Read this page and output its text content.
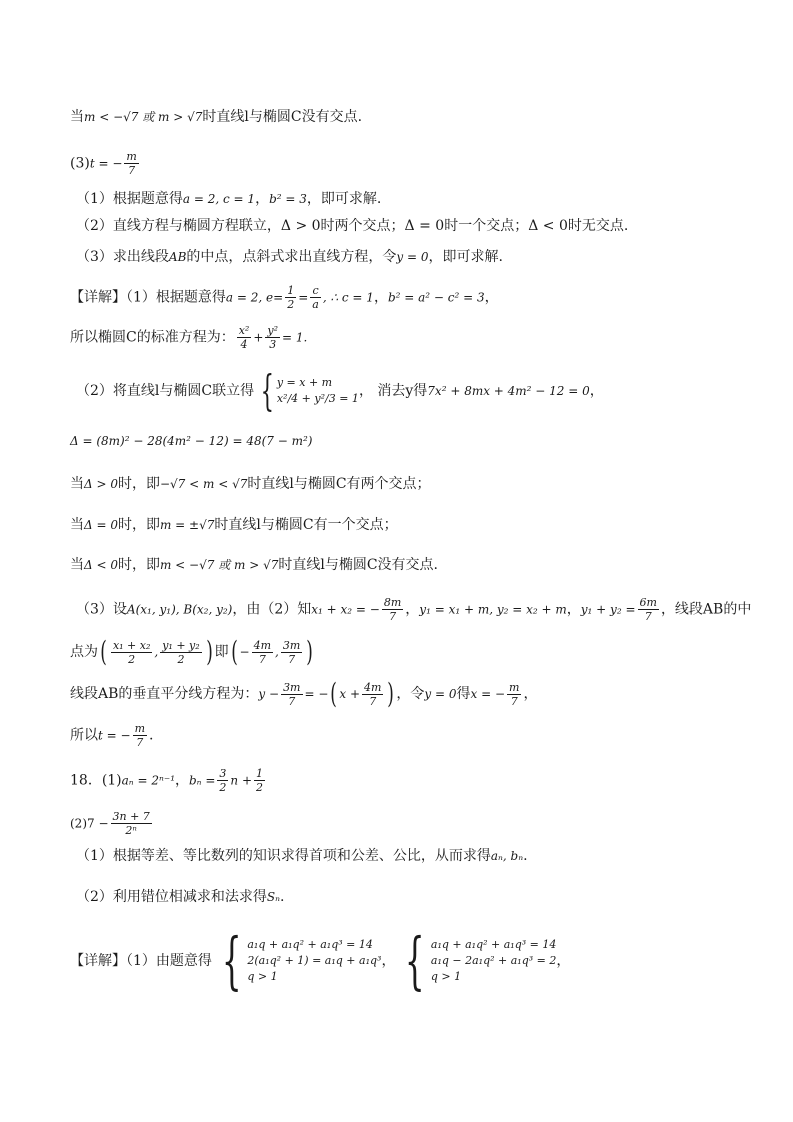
当m < −√7 或 m > √7时直线l与椭圆C没有交点.
(3)t = − $\frac{m}{7}$
（1）根据题意得a = 2, c = 1，b² = 3，即可求解.
（2）直线方程与椭圆方程联立，Δ > 0时两个交点；Δ = 0时一个交点；Δ < 0时无交点.
（3）求出线段AB的中点，点斜式求出直线方程，令y = 0，即可求解.
【详解】（1）根据题意得a = 2, $e= \frac{1}{2} = \frac{c}{a}$ , ∴ c = 1，b² = a² − c² = 3，
所以椭圆C的标准方程为： $\frac{\text{x²}}{4} + \frac{\text{y²}}{3} = 1$.
（2）将直线l与椭圆C联立得 { y = x + m
x²/4 + y²/3 = 1 ， 消去y得7x² + 8mx + 4m² − 12 = 0，
Δ = (8m)² − 28(4m² − 12) = 48(7 − m²)
当Δ > 0时，即−√7 < m < √7时直线l与椭圆C有两个交点；
当Δ = 0时，即m = ±√7时直线l与椭圆C有一个交点；
当Δ < 0时，即m < −√7 或 m > √7时直线l与椭圆C没有交点.
（3）设A(x₁, y₁), B(x₂, y₂)，由（2）知x₁ + x₂ = − $\frac{8m}{7}$ ，y₁ = x₁ + m, y₂ = x₂ + m，$y_1 + y_2 = \frac{6m}{7}$ ，线段AB的中
点为( $\frac{\text{x₁ + x₂}}{2}$ , $\frac{\text{y₁ + y₂}}{2}$ ) 即( − $\frac{4m}{7}$ , $\frac{3m}{7}$ )
线段AB的垂直平分线方程为：$y - \frac{3m}{7}$ = −( $x + \frac{4m}{7}$ ) ，令y = 0得x = − $\frac{m}{7}$ ，
所以t = − $\frac{m}{7}$ .
18．(1)aₙ = 2ⁿ⁻¹，$b_n = \frac{3}{2}$ $n + \frac{1}{2}$
$(2)7 - \frac{3n + 7}{\text{2ⁿ}}$
（1）根据等差、等比数列的知识求得首项和公差、公比，从而求得aₙ, bₙ.
（2）利用错位相减求和法求得Sₙ.
【详解】（1）由题意得 { a₁q + a₁q² + a₁q³ = 14
2(a₁q² + 1) = a₁q + a₁q³
q > 1
， { a₁q + a₁q² + a₁q³ = 14
a₁q − 2a₁q² + a₁q³ = 2
q > 1
，
